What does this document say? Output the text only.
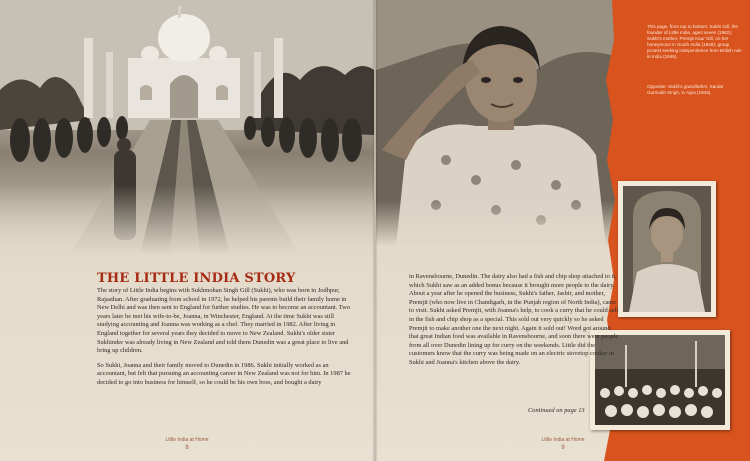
This page, from top to bottom: Sukhi Gill, the founder of Little India, aged seven (1962); Sukhi's mother, Premjit Kaur Gill, on her honeymoon in South India (1948); group protest seeking independence from British rule in India (1946).

Opposite: Sukhi's grandfather, Sardar Gurmukh Singh, in Agra (1946).

THE LITTLE INDIA STORY

The story of Little India begins with Sukhmohan Singh Gill (Sukhi), who was born in Jodhpur, Rajasthan. After graduating from school in 1972, he helped his parents build their family home in New Delhi and was then sent to England for further studies. He was to become an accountant. Two years later he met his wife-to-be, Joanna, in Winchester, England. At the time Sukhi was still studying accounting and Joanna was working as a chef. They married in 1982. After living in England together for several years they decided to move to New Zealand. Sukhi's older sister Sukhinder was already living in New Zealand and told them Dunedin was a great place to live and bring up children.

So Sukhi, Joanna and their family moved to Dunedin in 1986. Sukhi initially worked as an accountant, but felt that pursuing an accounting career in New Zealand was not for him. In 1987 he decided to go into business for himself, so he could be his own boss, and bought a dairy

in Ravensbourne, Dunedin. The dairy also had a fish and chip shop attached to it, which Sukhi saw as an added bonus because it brought more people to the dairy. About a year after he opened the business, Sukhi's father, Jasbir, and mother, Premjit (who now live in Chandigarh, in the Punjab region of North India), came to visit. Sukhi asked Premjit, with Joanna's help, to cook a curry that he could sell in the fish and chip shop as a special. This sold out very quickly so he asked Premjit to make another one the next night. Again it sold out! Word got around that great Indian food was available in Ravensbourne, and soon there were people from all over Dunedin lining up for curry on the weekends. Little did the customers know that the curry was being made on an electric stovetop cooker in Sukhi and Joanna's kitchen above the dairy.

Continued on page 13
Little India at Home
8
Little India at Home
9
